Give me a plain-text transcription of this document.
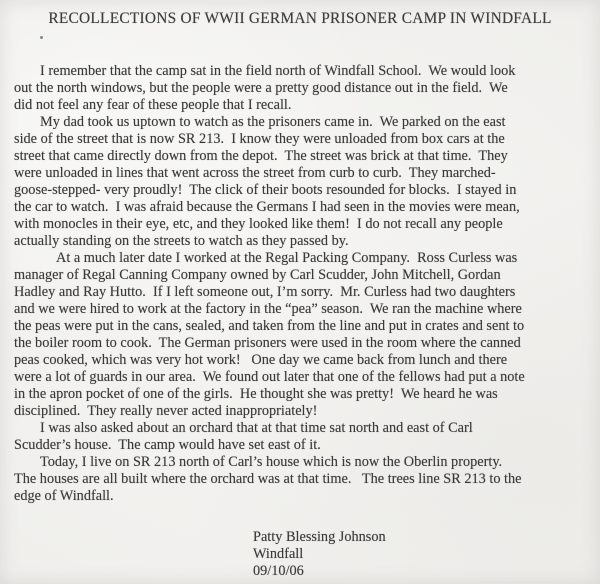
RECOLLECTIONS OF WWII GERMAN PRISONER CAMP IN WINDFALL
I remember that the camp sat in the field north of Windfall School.  We would look
out the north windows, but the people were a pretty good distance out in the field.  We
did not feel any fear of these people that I recall.
My dad took us uptown to watch as the prisoners came in.  We parked on the east
side of the street that is now SR 213.  I know they were unloaded from box cars at the
street that came directly down from the depot.  The street was brick at that time.  They
were unloaded in lines that went across the street from curb to curb.  They marched-
goose-stepped- very proudly!  The click of their boots resounded for blocks.  I stayed in
the car to watch.  I was afraid because the Germans I had seen in the movies were mean,
with monocles in their eye, etc, and they looked like them!  I do not recall any people
actually standing on the streets to watch as they passed by.
At a much later date I worked at the Regal Packing Company.  Ross Curless was
manager of Regal Canning Company owned by Carl Scudder, John Mitchell, Gordan
Hadley and Ray Hutto.  If I left someone out, I’m sorry.  Mr. Curless had two daughters
and we were hired to work at the factory in the “pea” season.  We ran the machine where
the peas were put in the cans, sealed, and taken from the line and put in crates and sent to
the boiler room to cook.  The German prisoners were used in the room where the canned
peas cooked, which was very hot work!   One day we came back from lunch and there
were a lot of guards in our area.  We found out later that one of the fellows had put a note
in the apron pocket of one of the girls.  He thought she was pretty!  We heard he was
disciplined.  They really never acted inappropriately!
I was also asked about an orchard that at that time sat north and east of Carl
Scudder’s house.  The camp would have set east of it.
Today, I live on SR 213 north of Carl’s house which is now the Oberlin property.
The houses are all built where the orchard was at that time.   The trees line SR 213 to the
edge of Windfall.
Patty Blessing Johnson
Windfall
09/10/06
